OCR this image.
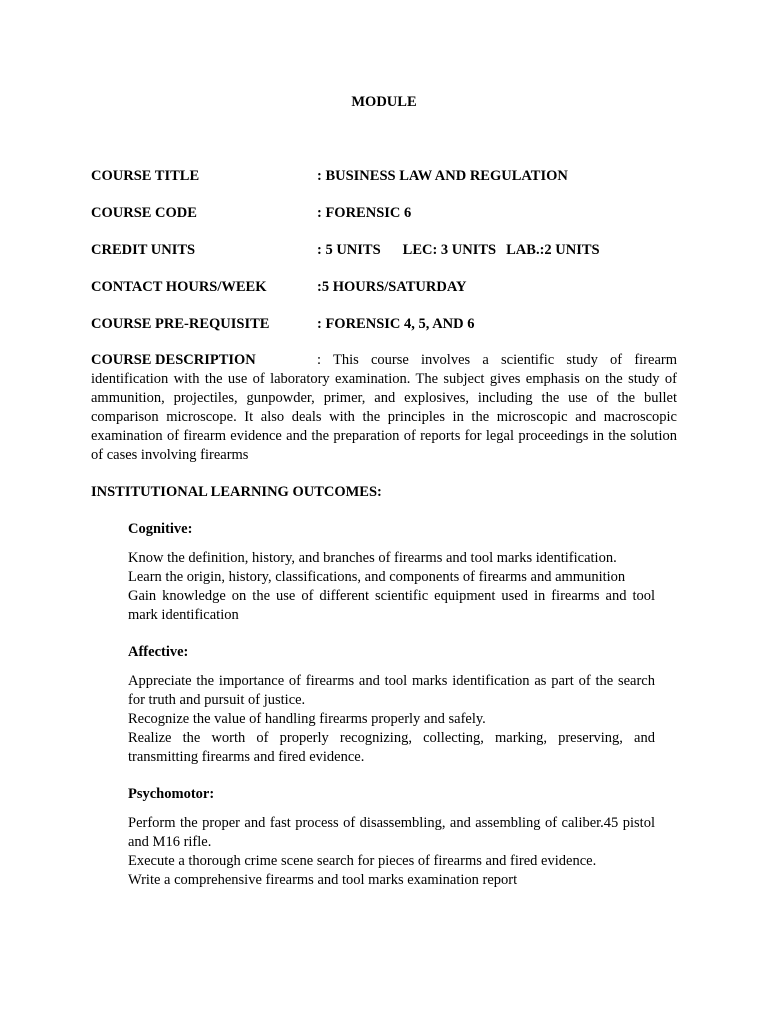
MODULE
COURSE TITLE	: BUSINESS LAW AND REGULATION
COURSE CODE	: FORENSIC 6
CREDIT UNITS	: 5 UNITS LEC: 3 UNITS LAB.:2 UNITS
CONTACT HOURS/WEEK	:5 HOURS/SATURDAY
COURSE PRE-REQUISITE	: FORENSIC 4, 5, AND 6
COURSE DESCRIPTION	: This course involves a scientific study of firearm identification with the use of laboratory examination. The subject gives emphasis on the study of ammunition, projectiles, gunpowder, primer, and explosives, including the use of the bullet comparison microscope. It also deals with the principles in the microscopic and macroscopic examination of firearm evidence and the preparation of reports for legal proceedings in the solution of cases involving firearms
INSTITUTIONAL LEARNING OUTCOMES:
Cognitive:

Know the definition, history, and branches of firearms and tool marks identification.

Learn the origin, history, classifications, and components of firearms and ammunition

Gain knowledge on the use of different scientific equipment used in firearms and tool mark identification

Affective:

Appreciate the importance of firearms and tool marks identification as part of the search for truth and pursuit of justice.

Recognize the value of handling firearms properly and safely.

Realize the worth of properly recognizing, collecting, marking, preserving, and transmitting firearms and fired evidence.

Psychomotor:

Perform the proper and fast process of disassembling, and assembling of caliber.45 pistol and M16 rifle.

Execute a thorough crime scene search for pieces of firearms and fired evidence.

Write a comprehensive firearms and tool marks examination report
